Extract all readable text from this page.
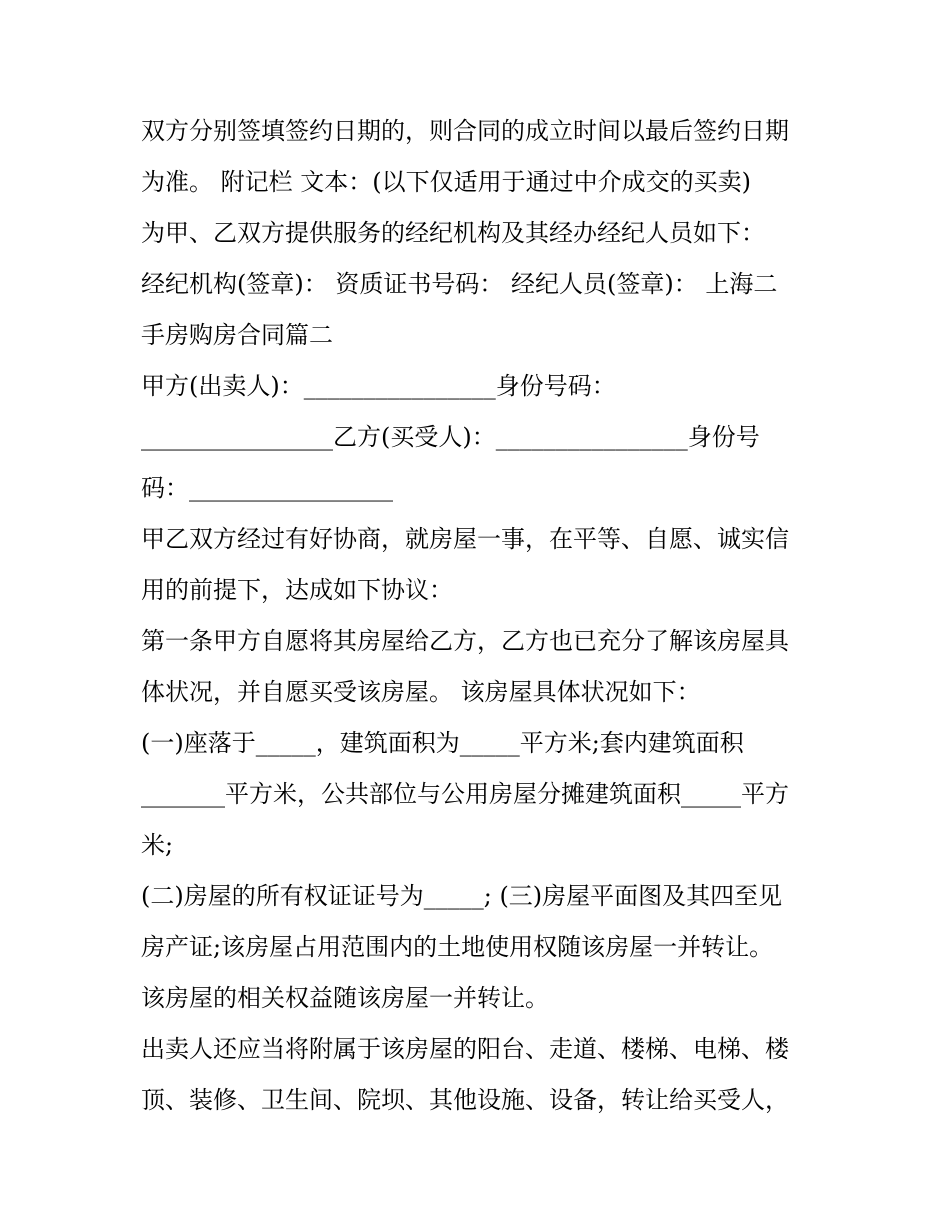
双方分别签填签约日期的，则合同的成立时间以最后签约日期
为准。 附记栏 文本：(以下仅适用于通过中介成交的买卖)
为甲、乙双方提供服务的经纪机构及其经办经纪人员如下：
经纪机构(签章)： 资质证书号码： 经纪人员(签章)： 上海二
手房购房合同篇二
甲方(出卖人)：________________身份号码：
________________乙方(买受人)：________________身份号
码：_________________
甲乙双方经过有好协商，就房屋一事，在平等、自愿、诚实信
用的前提下，达成如下协议：
第一条甲方自愿将其房屋给乙方，乙方也已充分了解该房屋具
体状况，并自愿买受该房屋。 该房屋具体状况如下：
(一)座落于_____，建筑面积为_____平方米;套内建筑面积
_______平方米，公共部位与公用房屋分摊建筑面积_____平方
米;
(二)房屋的所有权证证号为_____; (三)房屋平面图及其四至见
房产证;该房屋占用范围内的土地使用权随该房屋一并转让。
该房屋的相关权益随该房屋一并转让。
出卖人还应当将附属于该房屋的阳台、走道、楼梯、电梯、楼
顶、装修、卫生间、院坝、其他设施、设备，转让给买受人，
